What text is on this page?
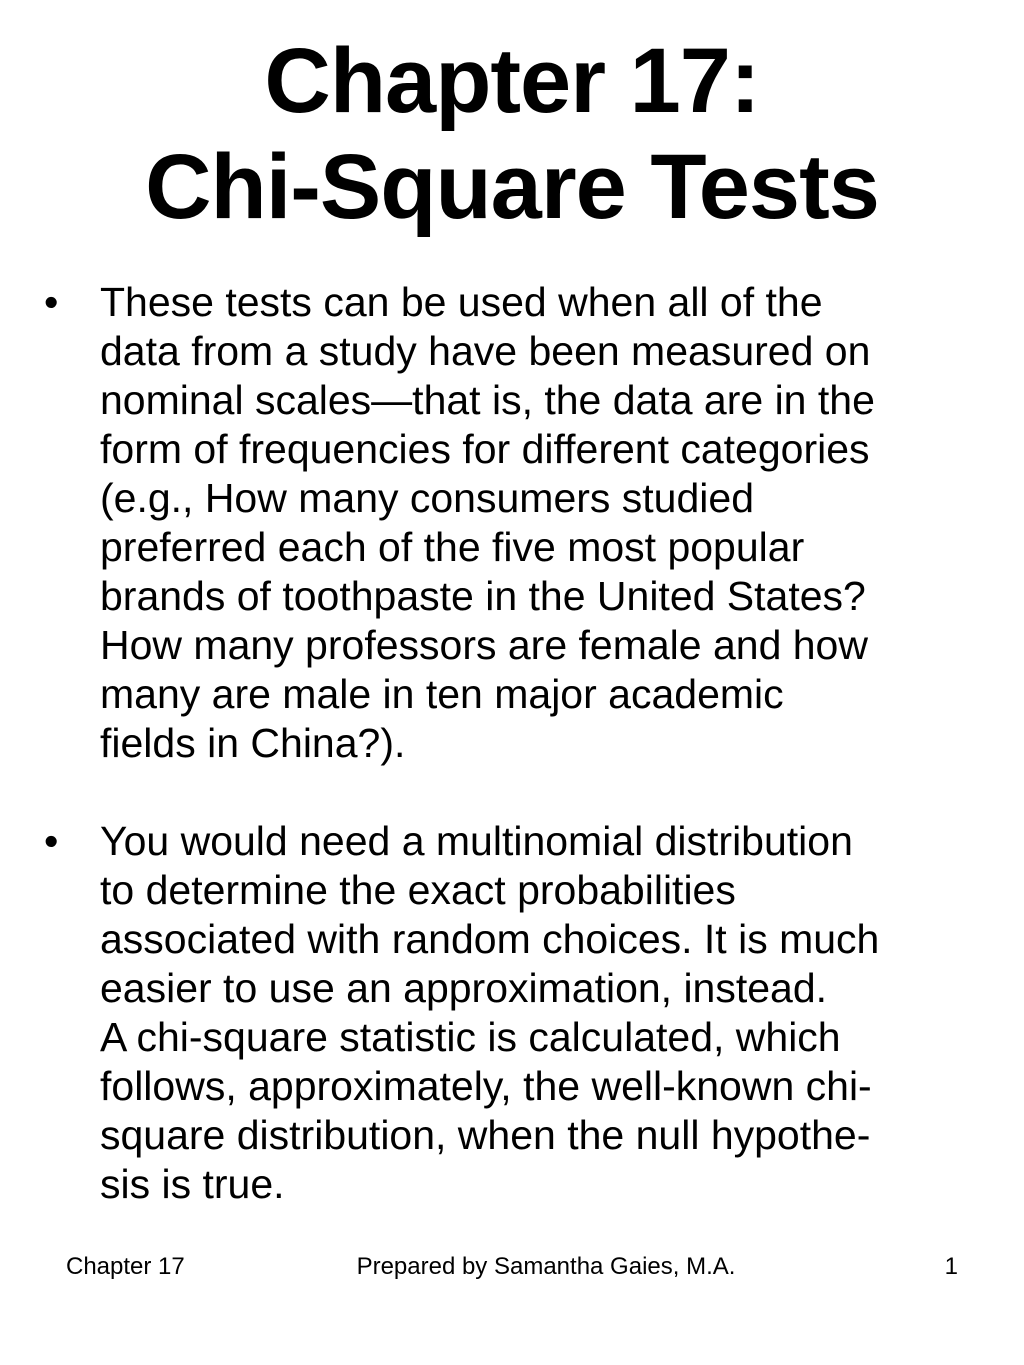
Chapter 17:
Chi-Square Tests
•	These tests can be used when all of the
data from a study have been measured on
nominal scales—that is, the data are in the
form of frequencies for different categories
(e.g., How many consumers studied
preferred each of the five most popular
brands of toothpaste in the United States?
How many professors are female and how
many are male in ten major academic
fields in China?).
•	You would need a multinomial distribution
to determine the exact probabilities
associated with random choices. It is much
easier to use an approximation, instead.
A chi-square statistic is calculated, which
follows, approximately, the well-known chi-
square distribution, when the null hypothe-
sis is true.
Chapter 17	Prepared by Samantha Gaies, M.A.	1
